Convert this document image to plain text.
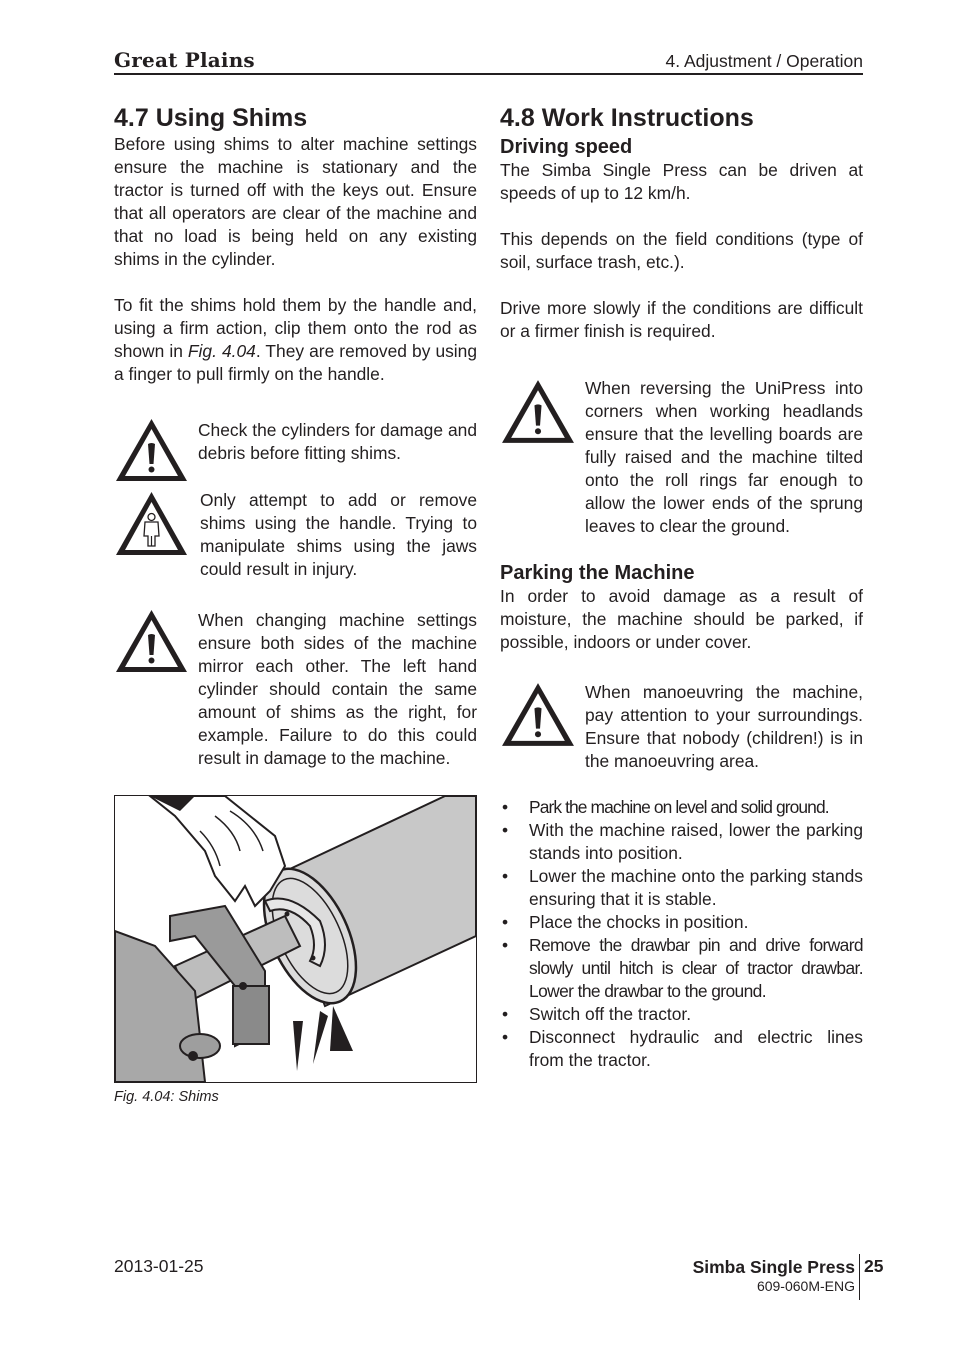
Great Plains	4. Adjustment / Operation
4.7 Using Shims

Before using shims to alter machine settings ensure the machine is stationary and the tractor is turned off with the keys out. Ensure that all operators are clear of the machine and that no load is being held on any existing shims in the cylinder.

To fit the shims hold them by the handle and, using a firm action, clip them onto the rod as shown in Fig. 4.04. They are removed by using a finger to pull firmly on the handle.

Check the cylinders for damage and debris before fitting shims.
Only attempt to add or remove shims using the handle. Trying to manipulate shims using the jaws could result in injury.
When changing machine settings ensure both sides of the machine mirror each other. The left hand cylinder should contain the same amount of shims as the right, for example. Failure to do this could result in damage to the machine.
Fig. 4.04: Shims
4.8 Work Instructions
Driving speed

The Simba Single Press can be driven at speeds of up to 12 km/h.

This depends on the field conditions (type of soil, surface trash, etc.).

Drive more slowly if the conditions are difficult or a firmer finish is required.

When reversing the UniPress into corners when working headlands ensure that the levelling boards are fully raised and the machine tilted onto the roll rings far enough to allow the lower ends of the sprung leaves to clear the ground.
Parking the Machine

In order to avoid damage as a result of moisture, the machine should be parked, if possible, indoors or under cover.

When manoeuvring the machine, pay attention to your surroundings. Ensure that nobody (children!) is in the manoeuvring area.
• Park the machine on level and solid ground.
• With the machine raised, lower the parking stands into position.
• Lower the machine onto the parking stands ensuring that it is stable.
• Place the chocks in position.
• Remove the drawbar pin and drive forward slowly until hitch is clear of tractor drawbar. Lower the drawbar to the ground.
• Switch off the tractor.
• Disconnect hydraulic and electric lines from the tractor.
2013-01-25	Simba Single Press
609-060M-ENG
25
